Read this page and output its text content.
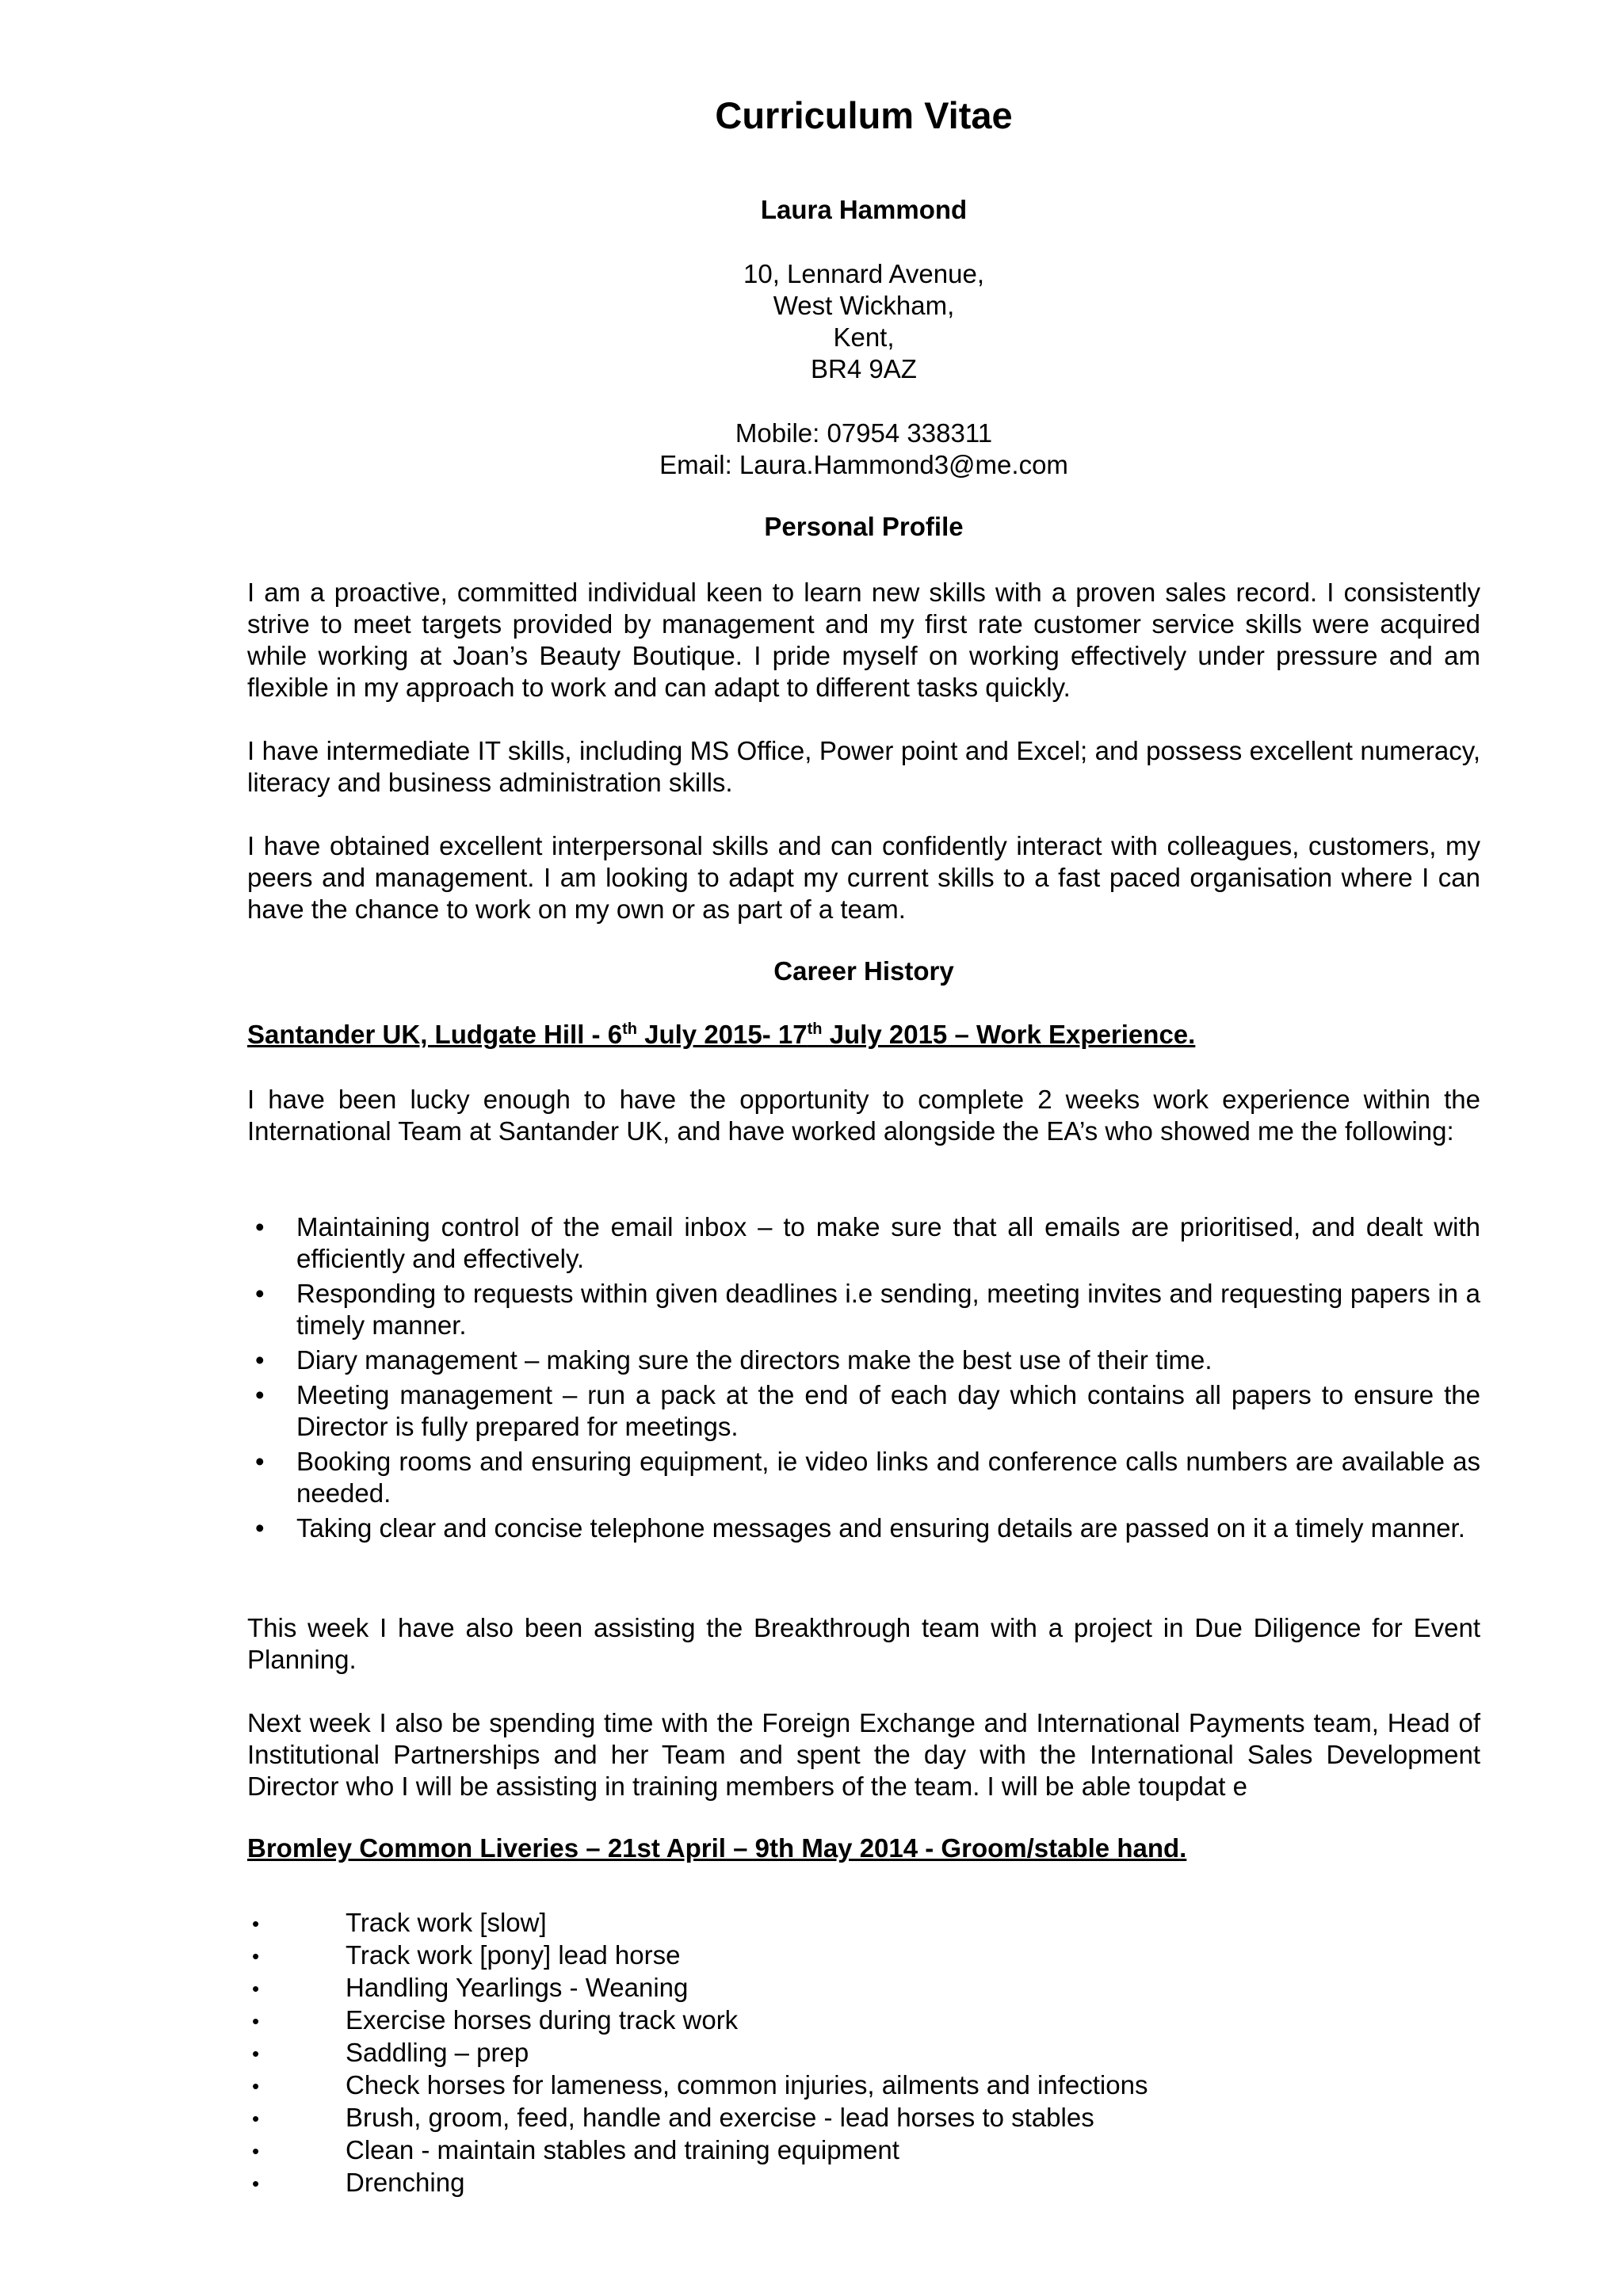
Curriculum Vitae
Laura Hammond
10, Lennard Avenue,
West Wickham,
Kent,
BR4 9AZ
Mobile: 07954 338311
Email: Laura.Hammond3@me.com
Personal Profile

I am a proactive, committed individual keen to learn new skills with a proven sales record. I consistently strive to meet targets provided by management and my first rate customer service skills were acquired while working at Joan’s Beauty Boutique. I pride myself on working effectively under pressure and am flexible in my approach to work and can adapt to different tasks quickly.

I have intermediate IT skills, including MS Office, Power point and Excel; and possess excellent numeracy, literacy and business administration skills.

I have obtained excellent interpersonal skills and can confidently interact with colleagues, customers, my peers and management. I am looking to adapt my current skills to a fast paced organisation where I can have the chance to work on my own or as part of a team.

Career History
Santander UK, Ludgate Hill - 6th July 2015- 17th July 2015 – Work Experience.

I have been lucky enough to have the opportunity to complete 2 weeks work experience within the International Team at Santander UK, and have worked alongside the EA’s who showed me the following:

• Maintaining control of the email inbox – to make sure that all emails are prioritised, and dealt with efficiently and effectively.
• Responding to requests within given deadlines i.e sending, meeting invites and requesting papers in a timely manner.
• Diary management – making sure the directors make the best use of their time.
• Meeting management – run a pack at the end of each day which contains all papers to ensure the Director is fully prepared for meetings.
• Booking rooms and ensuring equipment, ie video links and conference calls numbers are available as needed.
• Taking clear and concise telephone messages and ensuring details are passed on it a timely manner.

This week I have also been assisting the Breakthrough team with a project in Due Diligence for Event Planning.

Next week I also be spending time with the Foreign Exchange and International Payments team, Head of Institutional Partnerships and her Team and spent the day with the International Sales Development Director who I will be assisting in training members of the team. I will be able toupdat e

Bromley Common Liveries – 21st April – 9th May 2014 - Groom/stable hand.
•	Track work [slow]
•	Track work [pony] lead horse
•	Handling Yearlings - Weaning
•	Exercise horses during track work
•	Saddling – prep
•	Check horses for lameness, common injuries, ailments and infections
•	Brush, groom, feed, handle and exercise - lead horses to stables
•	Clean - maintain stables and training equipment
•	Drenching
